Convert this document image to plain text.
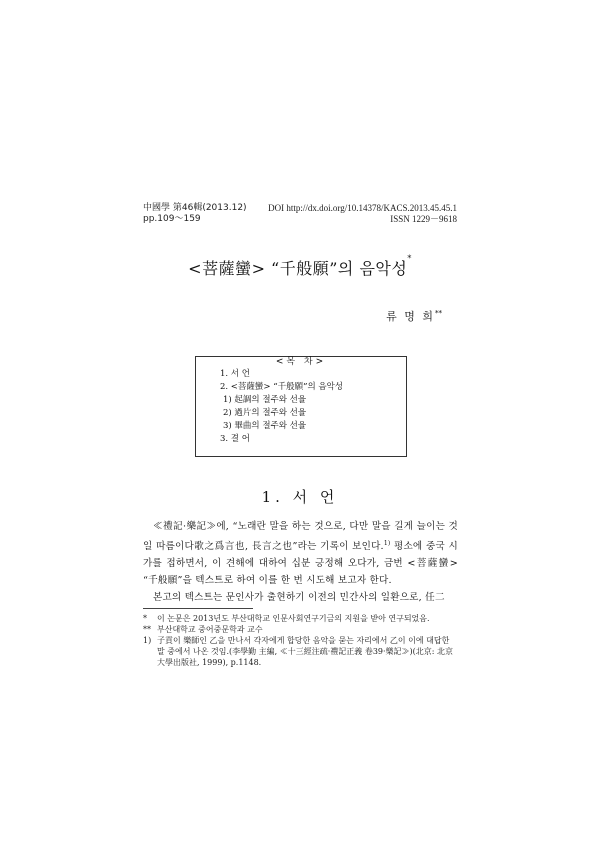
中國學 第46輯(2013.12)
pp.109～159
DOI http://dx.doi.org/10.14378/KACS.2013.45.45.1
ISSN 1229－9618
<菩薩蠻> “千般願”의 음악성*
류 명 희**
<목 차>
1. 서 언
2. <菩薩蠻> “千般願”의 음악성
1) 起調의 절주와 선율
2) 過片의 절주와 선율
3) 畢曲의 절주와 선율
3. 결 어
1. 서 언

≪禮記·樂記≫에, “노래란 말을 하는 것으로, 다만 말을 길게 늘이는 것일 따름이다歌之爲言也, 長言之也”라는 기록이 보인다.$^{1)}$ 평소에 중국 시가를 접하면서, 이 견해에 대하여 십분 긍정해 오다가, 금번 <菩薩蠻> “千般願”을 텍스트로 하여 이를 한 번 시도해 보고자 한다.

본고의 텍스트는 문인사가 출현하기 이전의 민간사의 일환으로, 任二

*	이 논문은 2013년도 부산대학교 인문사회연구기금의 지원을 받아 연구되었음.
** 부산대학교 중어중문학과 교수
1) 子貢이 樂師인 乙을 만나서 각자에게 합당한 음악을 묻는 자리에서 乙이 이에 대답한 말 중에서 나온 것임.(李學勤 主編, ≪十三經注疏·禮記正義 卷39·樂記≫)(北京: 北京大學出版社, 1999), p.1148.
